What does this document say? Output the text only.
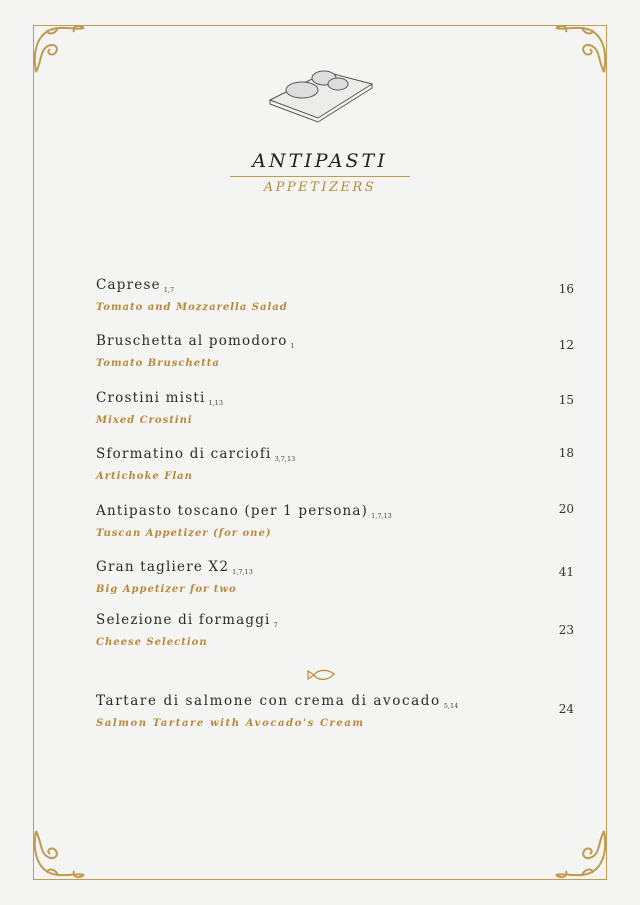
ANTIPASTI
APPETIZERS
Caprese $_{1,7}$
Tomato and Mozzarella Salad
16
Bruschetta al pomodoro $_1$
Tomato Bruschetta
12
Crostini misti $_{1,13}$
Mixed Crostini
15
Sformatino di carciofi $_{3,7,13}$
Artichoke Flan
18
Antipasto toscano (per 1 persona) $_{1,7,13}$
Tuscan Appetizer (for one)
20
Gran tagliere X2 $_{1,7,13}$
Big Appetizer for two
41
Selezione di formaggi $_7$
Cheese Selection
23
Tartare di salmone con crema di avocado $_{5,14}$
Salmon Tartare with Avocado's Cream
24
